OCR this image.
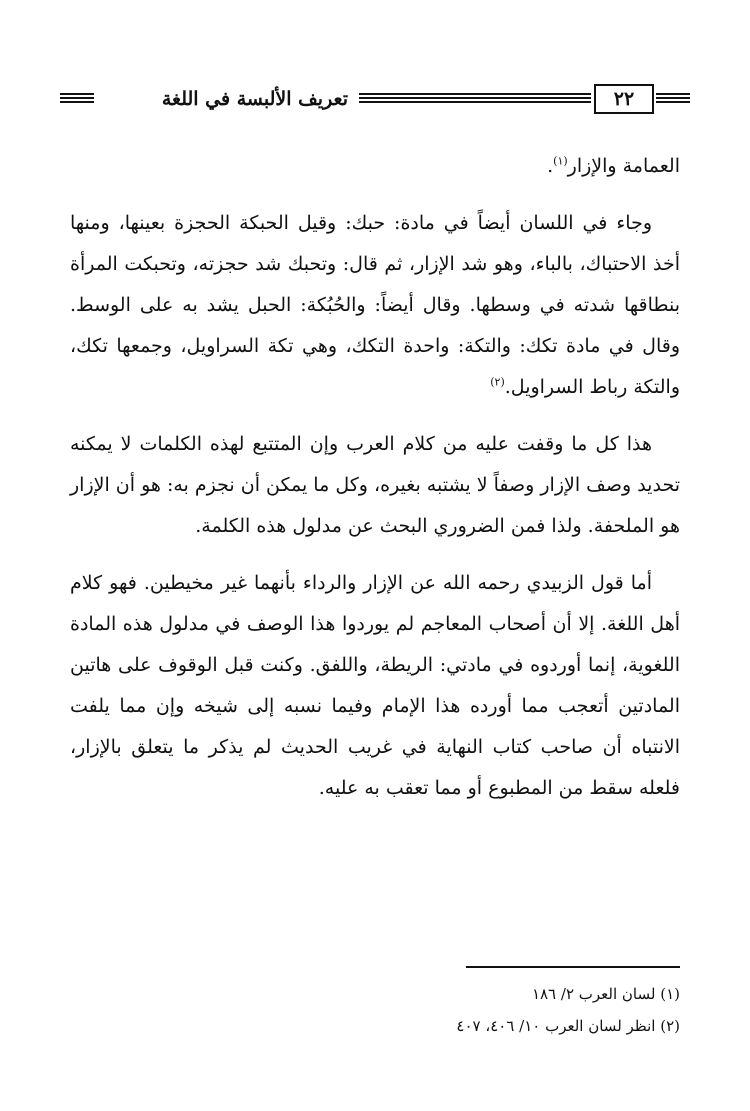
٢٢
تعريف الألبسة في اللغة

العمامة والإزار$^{(١)}$.

وجاء في اللسان أيضاً في مادة: حبك: وقيل الحبكة الحجزة بعينها، ومنها أخذ الاحتباك، بالباء، وهو شد الإزار، ثم قال: وتحبك شد حجزته، وتحبكت المرأة بنطاقها شدته في وسطها. وقال أيضاً: والحُبُكة: الحبل يشد به على الوسط. وقال في مادة تكك: والتكة: واحدة التكك، وهي تكة السراويل، وجمعها تكك، والتكة رباط السراويل.$^{(٢)}$

هذا كل ما وقفت عليه من كلام العرب وإن المتتبع لهذه الكلمات لا يمكنه تحديد وصف الإزار وصفاً لا يشتبه بغيره، وكل ما يمكن أن نجزم به: هو أن الإزار هو الملحفة. ولذا فمن الضروري البحث عن مدلول هذه الكلمة.

أما قول الزبيدي رحمه الله عن الإزار والرداء بأنهما غير مخيطين. فهو كلام أهل اللغة. إلا أن أصحاب المعاجم لم يوردوا هذا الوصف في مدلول هذه المادة اللغوية، إنما أوردوه في مادتي: الريطة، واللفق. وكنت قبل الوقوف على هاتين المادتين أتعجب مما أورده هذا الإمام وفيما نسبه إلى شيخه وإن مما يلفت الانتباه أن صاحب كتاب النهاية في غريب الحديث لم يذكر ما يتعلق بالإزار، فلعله سقط من المطبوع أو مما تعقب به عليه.

(١) لسان العرب ٢/ ١٨٦
(٢) انظر لسان العرب ١٠/ ٤٠٦، ٤٠٧
